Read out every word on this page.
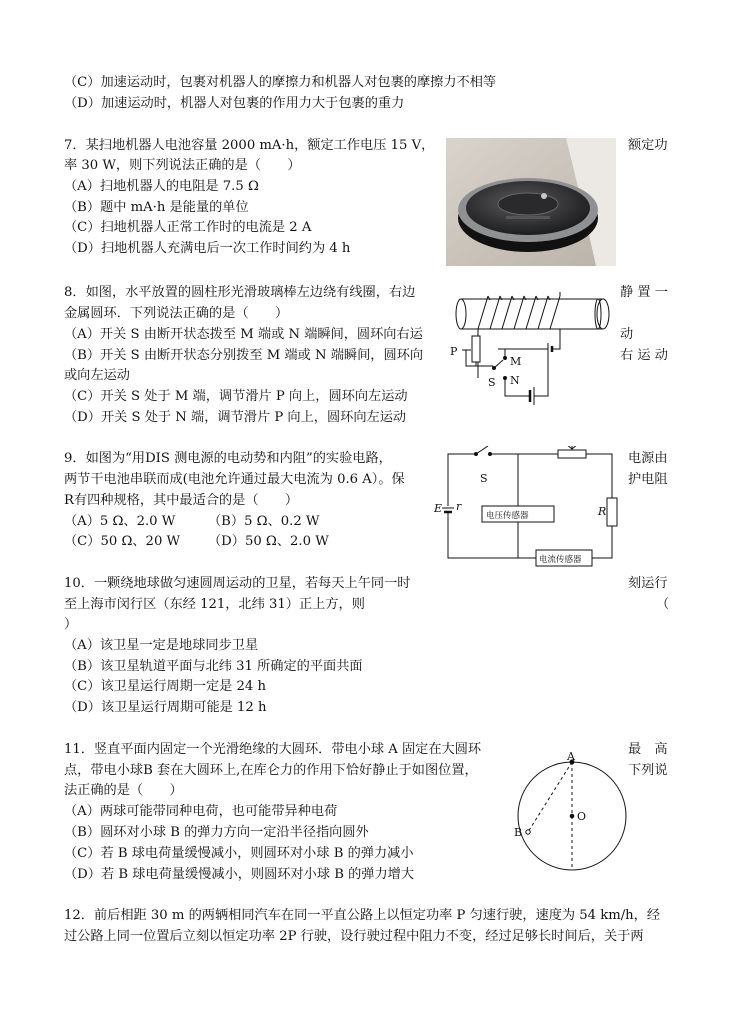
（C）加速运动时，包裹对机器人的摩擦力和机器人对包裹的摩擦力不相等
（D）加速运动时，机器人对包裹的作用力大于包裹的重力
7．某扫地机器人电池容量 2000 mA·h，额定工作电压 15 V，	额定功
率 30 W，则下列说法正确的是（　　）
（A）扫地机器人的电阻是 7.5 Ω
（B）题中 mA·h 是能量的单位
（C）扫地机器人正常工作时的电流是 2 A
（D）扫地机器人充满电后一次工作时间约为 4 h
8．如图，水平放置的圆柱形光滑玻璃棒左边绕有线圈，右边	静 置 一
金属圆环．下列说法正确的是（　　）
（A）开关 S 由断开状态拨至 M 端或 N 端瞬间，圆环向右运	动
（B）开关 S 由断开状态分别拨至 M 端或 N 端瞬间，圆环向	右 运 动
或向左运动
（C）开关 S 处于 M 端，调节滑片 P 向上，圆环向左运动
（D）开关 S 处于 N 端，调节滑片 P 向上，圆环向左运动
P
M
S N
9．如图为“用DIS 测电源的电动势和内阻”的实验电路，	电源由
两节干电池串联而成(电池允许通过最大电流为 0.6 A）。保	护电阻
R有四种规格，其中最适合的是（　　）
（A）5 Ω、2.0 W （B）5 Ω、0.2 W
（C）50 Ω、20 W （D）50 Ω、2.0 W
E r
S
R
电压传感器
电流传感器
10．一颗绕地球做匀速圆周运动的卫星，若每天上午同一时	刻运行
至上海市闵行区（东经 121，北纬 31）正上方，则	（
）
（A）该卫星一定是地球同步卫星
（B）该卫星轨道平面与北纬 31 所确定的平面共面
（C）该卫星运行周期一定是 24 h
（D）该卫星运行周期可能是 12 h
11．竖直平面内固定一个光滑绝缘的大圆环．带电小球 A 固定在大圆环	最　高
点，带电小球B 套在大圆环上,在库仑力的作用下恰好静止于如图位置，	下列说
法正确的是（　　）
（A）两球可能带同种电荷，也可能带异种电荷
（B）圆环对小球 B 的弹力方向一定沿半径指向圆外
（C）若 B 球电荷量缓慢减小，则圆环对小球 B 的弹力减小
（D）若 B 球电荷量缓慢减小，则圆环对小球 B 的弹力增大
A
B
O
12．前后相距 30 m 的两辆相同汽车在同一平直公路上以恒定功率 P 匀速行驶，速度为 54 km/h，经
过公路上同一位置后立刻以恒定功率 2P 行驶，设行驶过程中阻力不变，经过足够长时间后，关于两
